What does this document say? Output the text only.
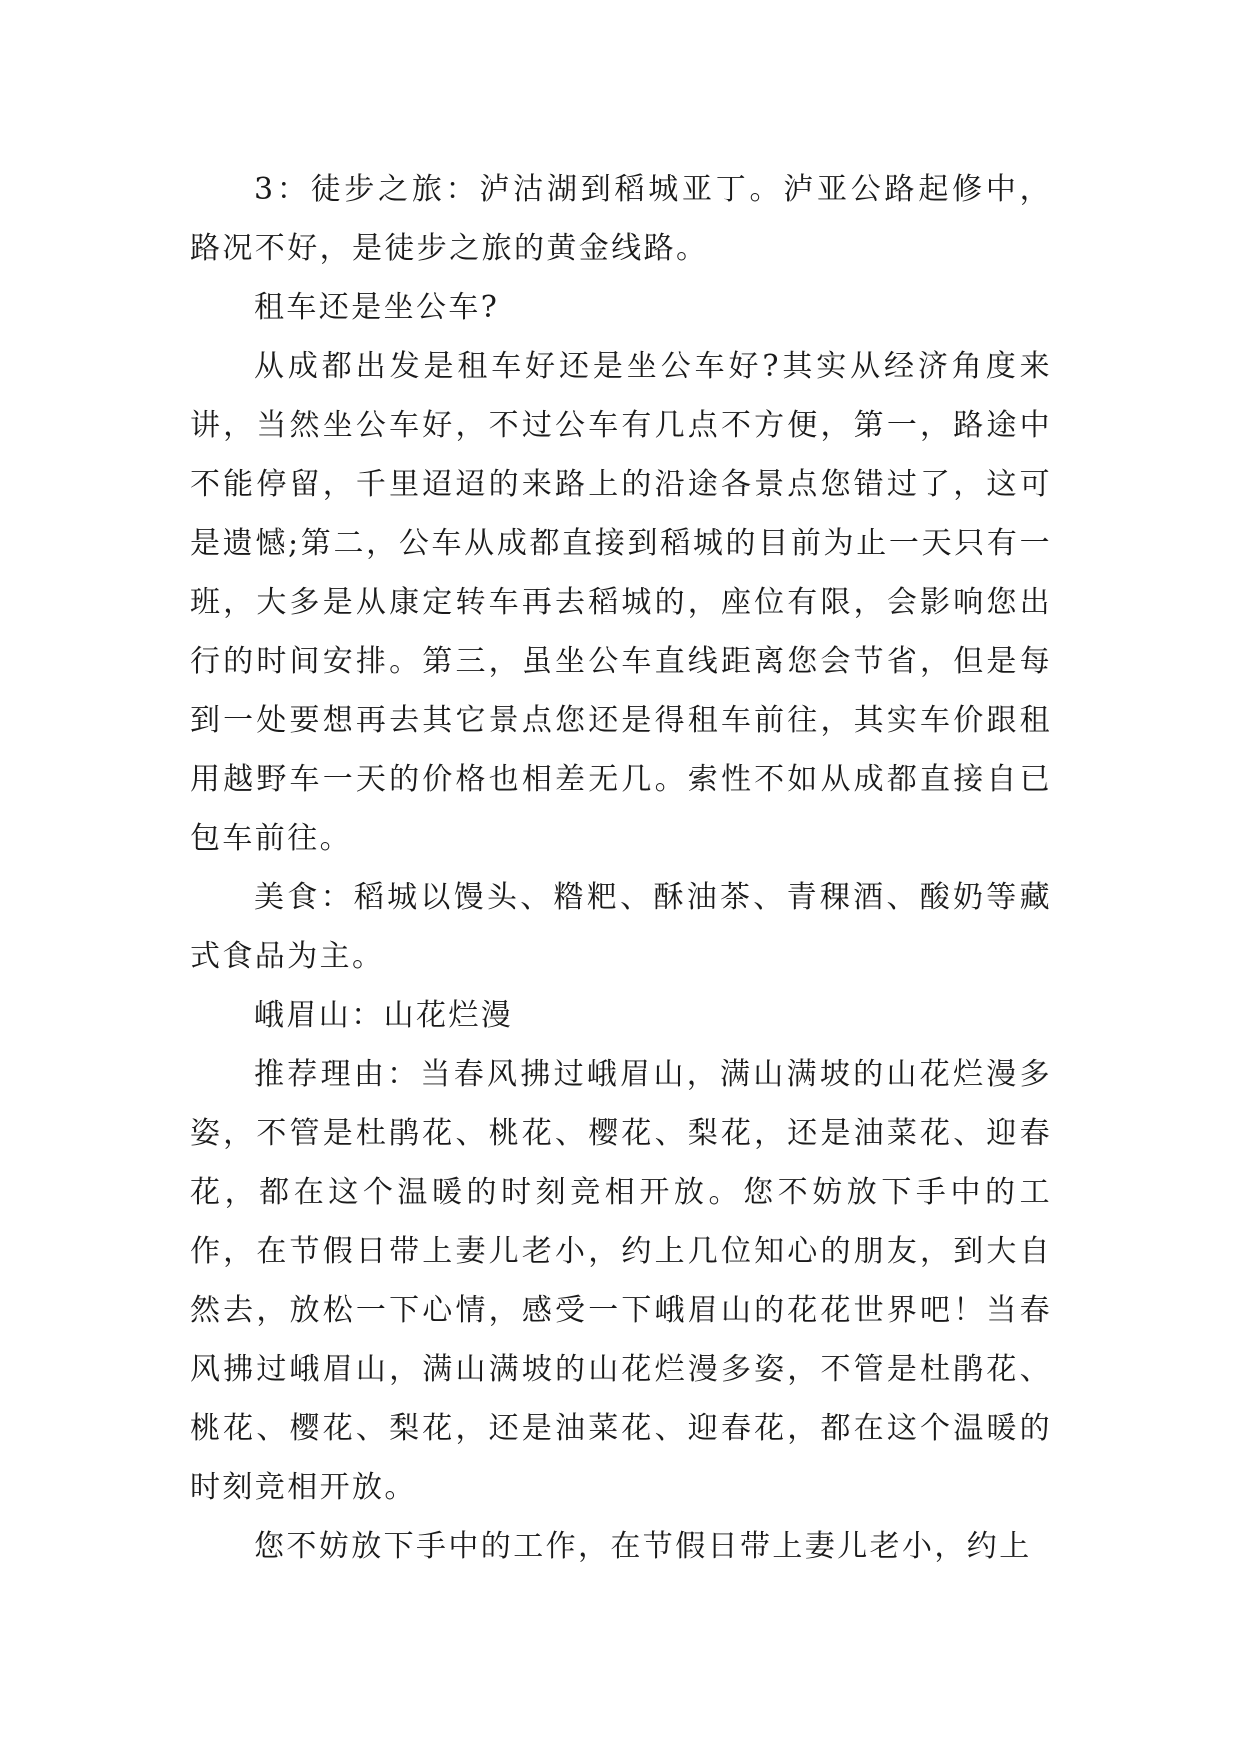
3：徒步之旅：泸沽湖到稻城亚丁。泸亚公路起修中，路况不好，是徒步之旅的黄金线路。

租车还是坐公车?

从成都出发是租车好还是坐公车好?其实从经济角度来讲，当然坐公车好，不过公车有几点不方便，第一，路途中不能停留，千里迢迢的来路上的沿途各景点您错过了，这可是遗憾;第二，公车从成都直接到稻城的目前为止一天只有一班，大多是从康定转车再去稻城的，座位有限，会影响您出行的时间安排。第三，虽坐公车直线距离您会节省，但是每到一处要想再去其它景点您还是得租车前往，其实车价跟租用越野车一天的价格也相差无几。索性不如从成都直接自已包车前往。

美食：稻城以馒头、糌粑、酥油茶、青稞酒、酸奶等藏式食品为主。

峨眉山：山花烂漫

推荐理由：当春风拂过峨眉山，满山满坡的山花烂漫多姿，不管是杜鹃花、桃花、樱花、梨花，还是油菜花、迎春花，都在这个温暖的时刻竞相开放。您不妨放下手中的工作，在节假日带上妻儿老小，约上几位知心的朋友，到大自然去，放松一下心情，感受一下峨眉山的花花世界吧！当春风拂过峨眉山，满山满坡的山花烂漫多姿，不管是杜鹃花、桃花、樱花、梨花，还是油菜花、迎春花，都在这个温暖的时刻竞相开放。

您不妨放下手中的工作，在节假日带上妻儿老小，约上
